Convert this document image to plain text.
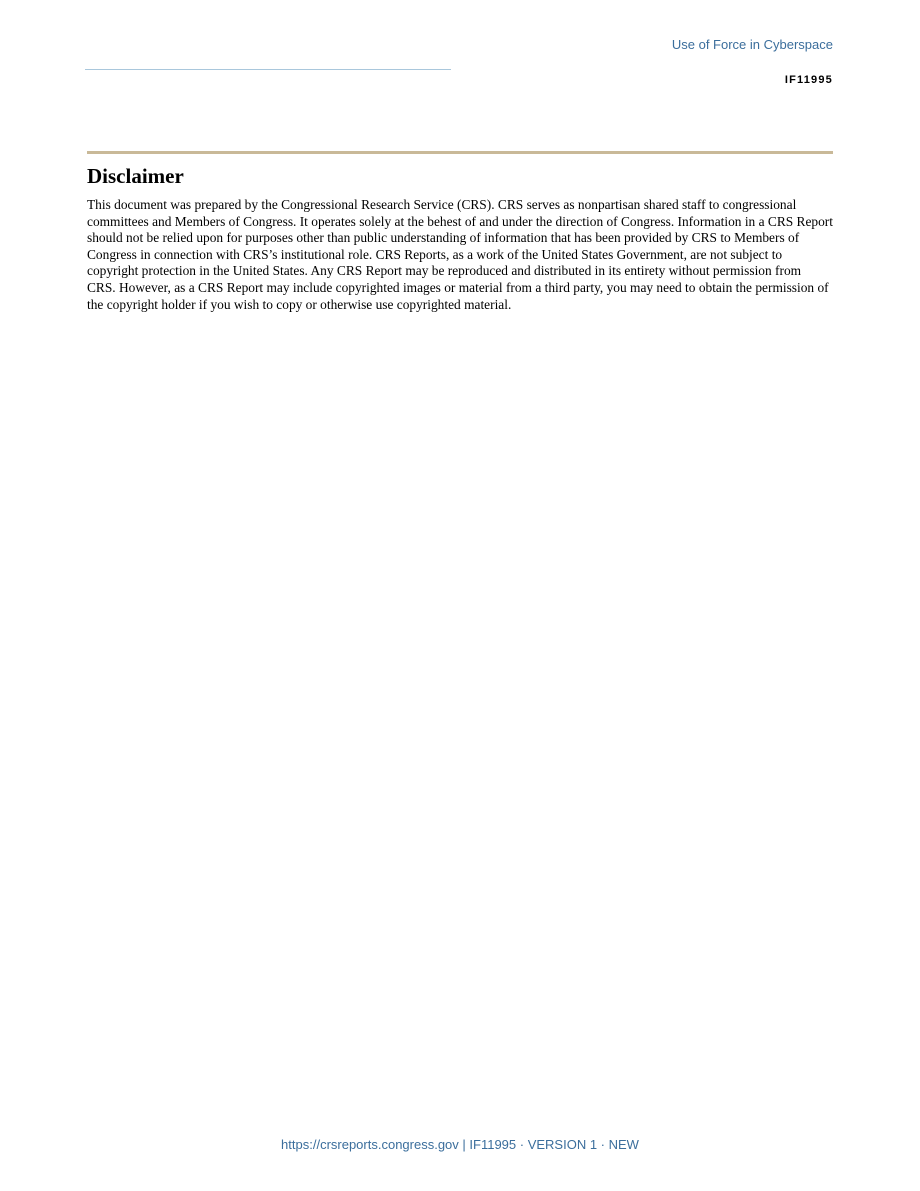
Use of Force in Cyberspace
IF11995
Disclaimer

This document was prepared by the Congressional Research Service (CRS). CRS serves as nonpartisan shared staff to congressional committees and Members of Congress. It operates solely at the behest of and under the direction of Congress. Information in a CRS Report should not be relied upon for purposes other than public understanding of information that has been provided by CRS to Members of Congress in connection with CRS’s institutional role. CRS Reports, as a work of the United States Government, are not subject to copyright protection in the United States. Any CRS Report may be reproduced and distributed in its entirety without permission from CRS. However, as a CRS Report may include copyrighted images or material from a third party, you may need to obtain the permission of the copyright holder if you wish to copy or otherwise use copyrighted material.

https://crsreports.congress.gov | IF11995 · VERSION 1 · NEW
